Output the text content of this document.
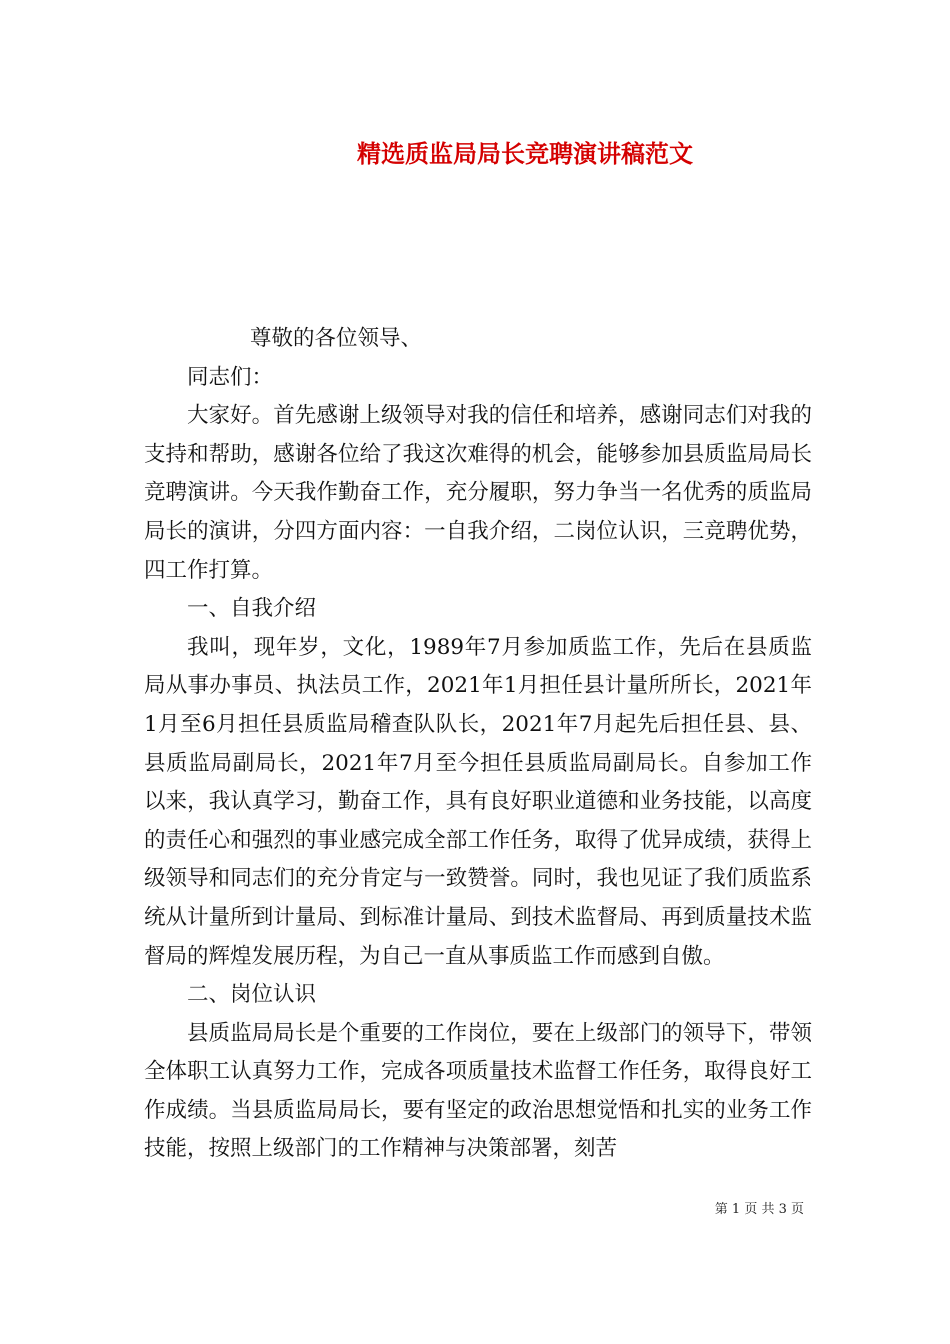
精选质监局局长竞聘演讲稿范文

尊敬的各位领导、

同志们：

大家好。首先感谢上级领导对我的信任和培养，感谢同志们对我的支持和帮助，感谢各位给了我这次难得的机会，能够参加县质监局局长竞聘演讲。今天我作勤奋工作，充分履职，努力争当一名优秀的质监局局长的演讲，分四方面内容：一自我介绍，二岗位认识，三竞聘优势，四工作打算。

一、自我介绍

我叫，现年岁，文化，1989年7月参加质监工作，先后在县质监局从事办事员、执法员工作，2021年1月担任县计量所所长，2021年1月至6月担任县质监局稽查队队长，2021年7月起先后担任县、县、县质监局副局长，2021年7月至今担任县质监局副局长。自参加工作以来，我认真学习，勤奋工作，具有良好职业道德和业务技能，以高度的责任心和强烈的事业感完成全部工作任务，取得了优异成绩，获得上级领导和同志们的充分肯定与一致赞誉。同时，我也见证了我们质监系统从计量所到计量局、到标准计量局、到技术监督局、再到质量技术监督局的辉煌发展历程，为自己一直从事质监工作而感到自傲。

二、岗位认识

县质监局局长是个重要的工作岗位，要在上级部门的领导下，带领全体职工认真努力工作，完成各项质量技术监督工作任务，取得良好工作成绩。当县质监局局长，要有坚定的政治思想觉悟和扎实的业务工作技能，按照上级部门的工作精神与决策部署，刻苦

第 1 页 共 3 页
